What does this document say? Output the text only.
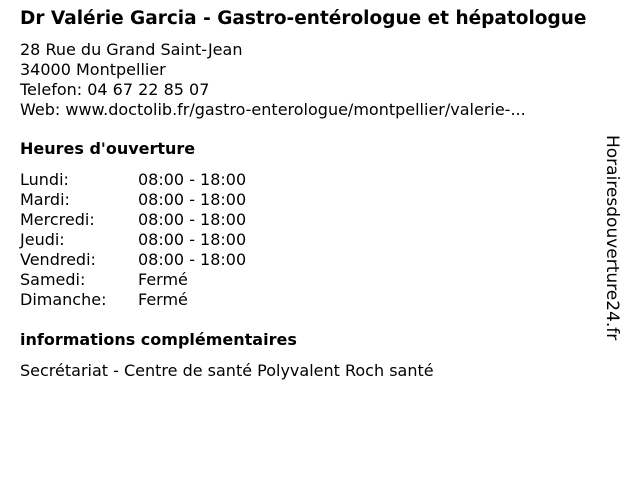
Dr Valérie Garcia - Gastro-entérologue et hépatologue
28 Rue du Grand Saint-Jean
34000 Montpellier
Telefon: 04 67 22 85 07
Web: www.doctolib.fr/gastro-enterologue/montpellier/valerie-...
Heures d'ouverture
Lundi:	08:00 - 18:00
Mardi:	08:00 - 18:00
Mercredi:	08:00 - 18:00
Jeudi:	08:00 - 18:00
Vendredi:	08:00 - 18:00
Samedi:	Fermé
Dimanche:	Fermé
informations complémentaires
Secrétariat - Centre de santé Polyvalent Roch santé
Horairesdouverture24.fr
